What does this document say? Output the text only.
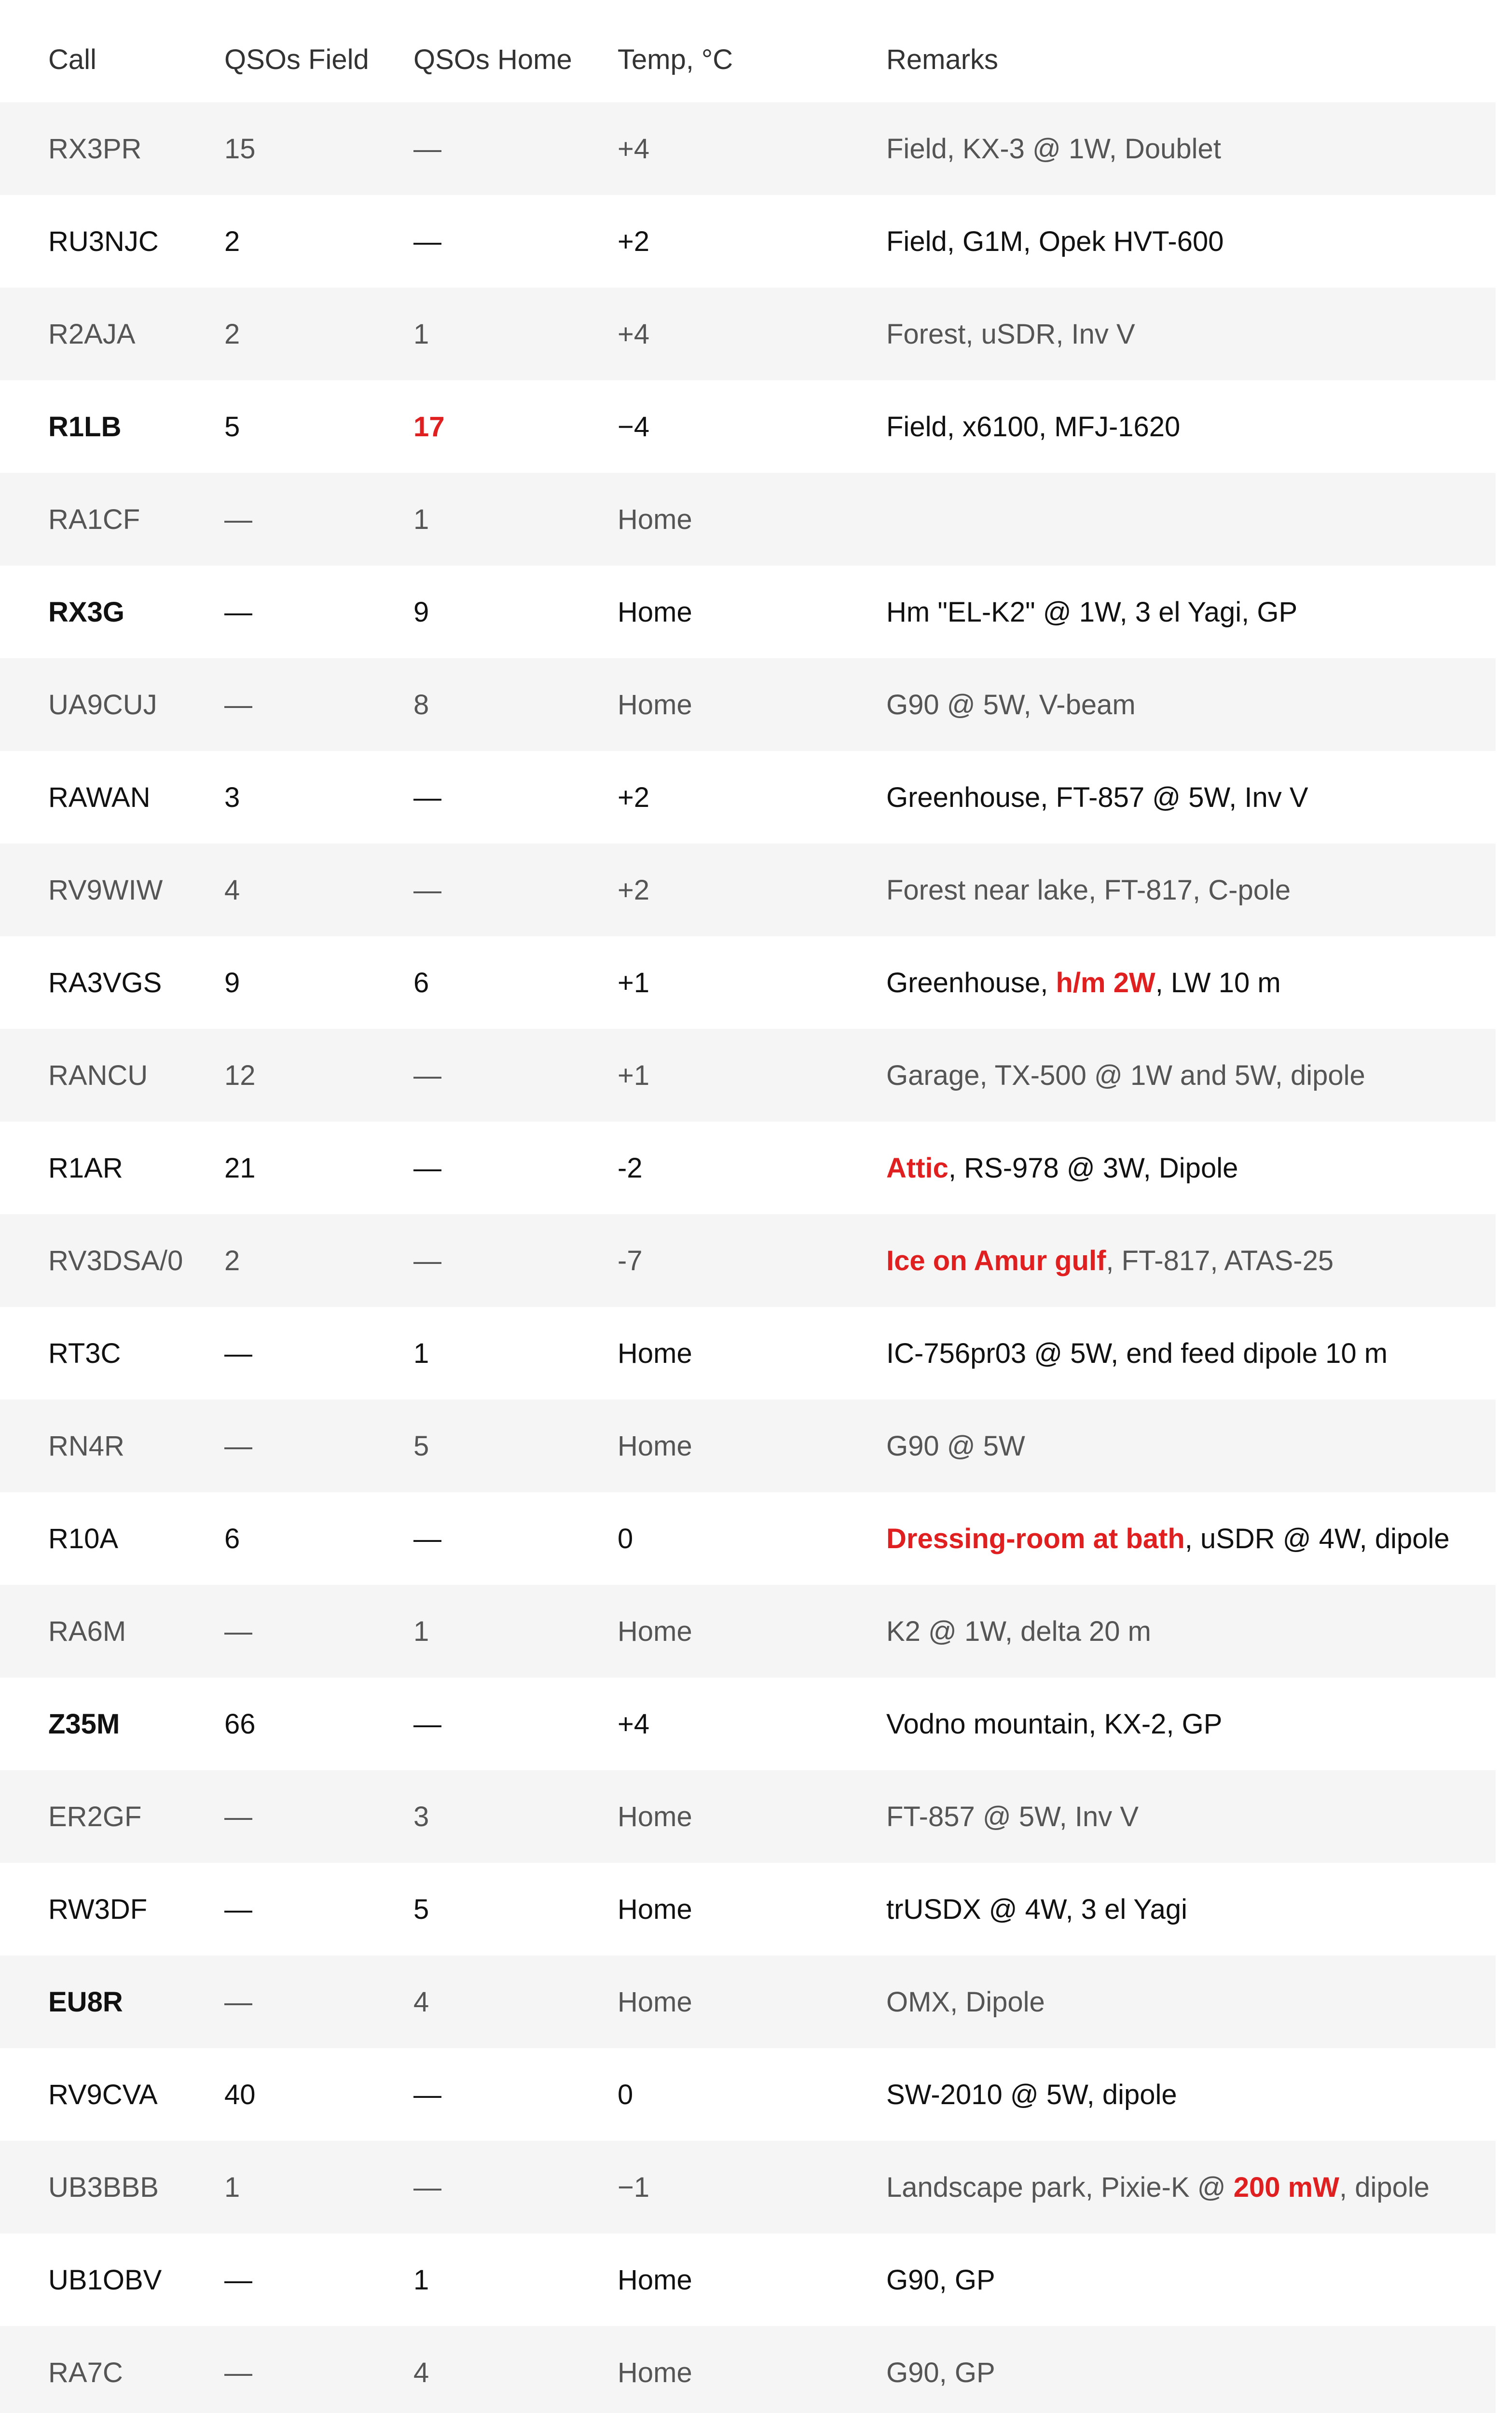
Call	QSOs Field	QSOs Home	Temp, °C	Remarks
RX3PR	15	—	+4	Field, KX-3 @ 1W, Doublet
RU3NJC	2	—	+2	Field, G1M, Opek HVT-600
R2AJA	2	1	+4	Forest, uSDR, Inv V
R1LB	5	17	−4	Field, x6100, MFJ-1620
RA1CF	—	1	Home	
RX3G	—	9	Home	Hm "EL-K2" @ 1W, 3 el Yagi, GP
UA9CUJ	—	8	Home	G90 @ 5W, V-beam
RAWAN	3	—	+2	Greenhouse, FT-857 @ 5W, Inv V
RV9WIW	4	—	+2	Forest near lake, FT-817, C-pole
RA3VGS	9	6	+1	Greenhouse, h/m 2W, LW 10 m
RANCU	12	—	+1	Garage, TX-500 @ 1W and 5W, dipole
R1AR	21	—	-2	Attic, RS-978 @ 3W, Dipole
RV3DSA/0	2	—	-7	Ice on Amur gulf, FT-817, ATAS-25
RT3C	—	1	Home	IC-756pr03 @ 5W, end feed dipole 10 m
RN4R	—	5	Home	G90 @ 5W
R10A	6	—	0	Dressing-room at bath, uSDR @ 4W, dipole
RA6M	—	1	Home	K2 @ 1W, delta 20 m
Z35M	66	—	+4	Vodno mountain, KX-2, GP
ER2GF	—	3	Home	FT-857 @ 5W, Inv V
RW3DF	—	5	Home	trUSDX @ 4W, 3 el Yagi
EU8R	—	4	Home	OMX, Dipole
RV9CVA	40	—	0	SW-2010 @ 5W, dipole
UB3BBB	1	—	−1	Landscape park, Pixie-K @ 200 mW, dipole
UB1OBV	—	1	Home	G90, GP
RA7C	—	4	Home	G90, GP
